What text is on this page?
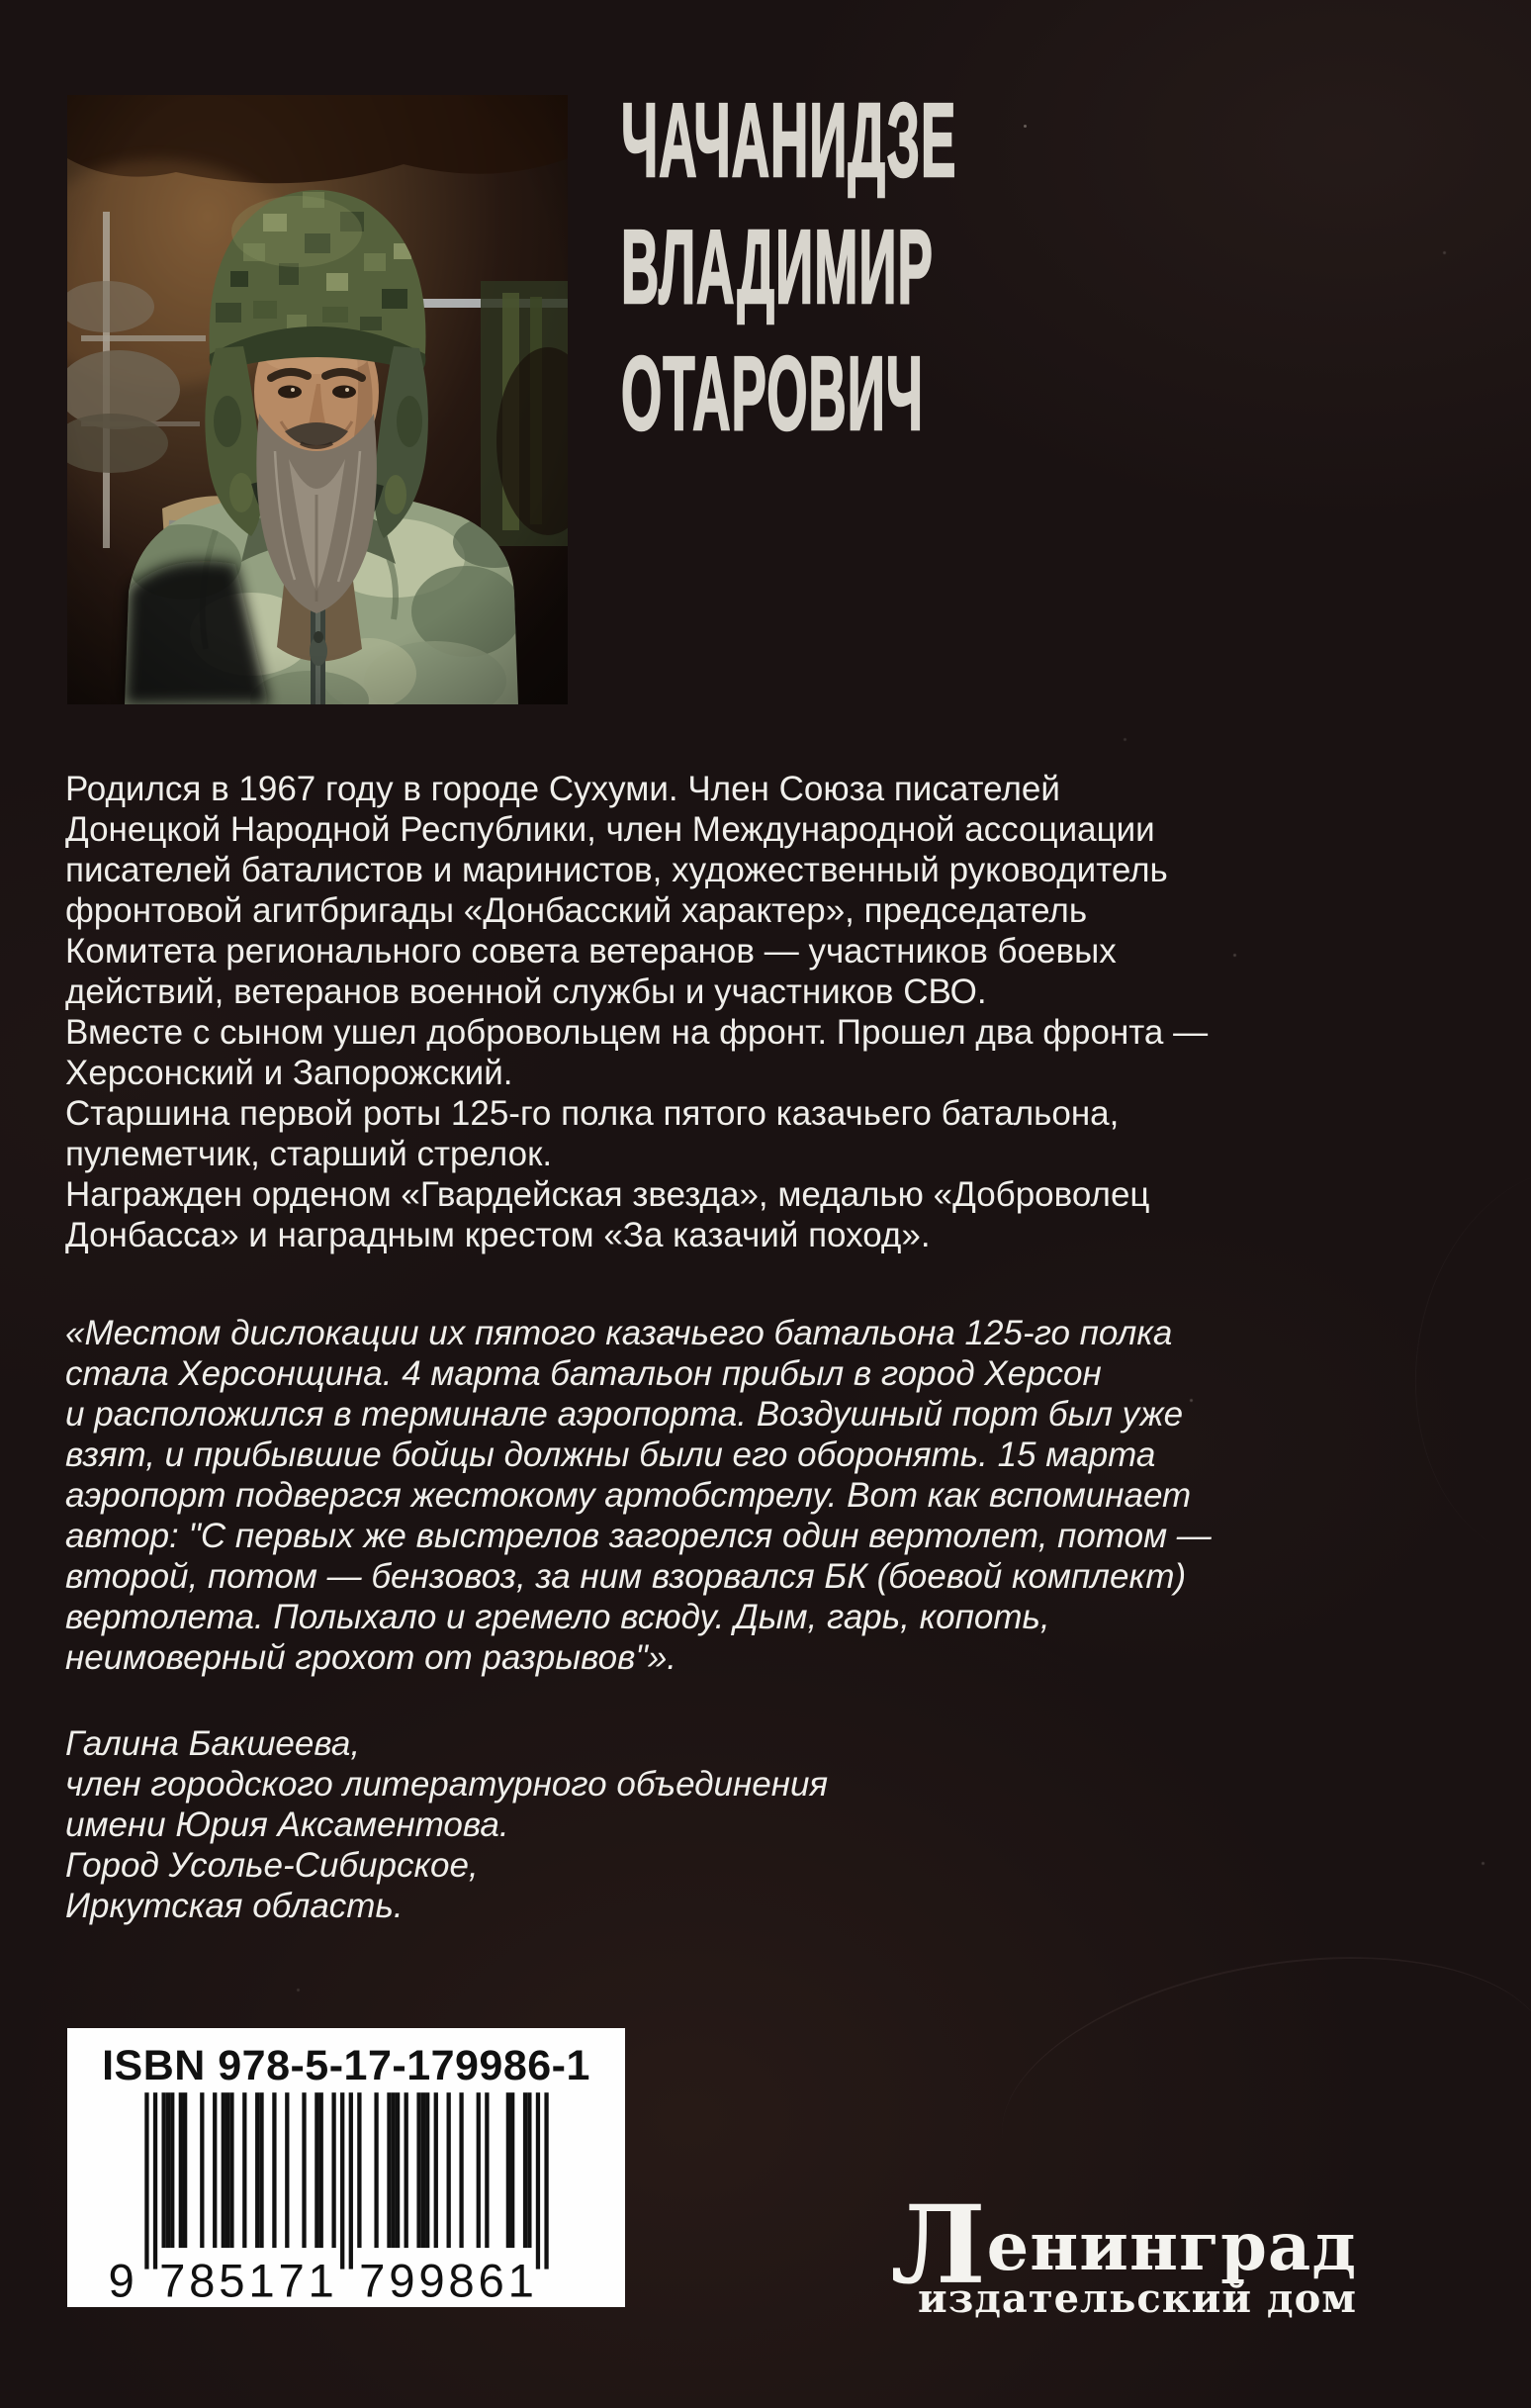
ЧАЧАНИДЗЕ
ВЛАДИМИР
ОТАРОВИЧ
Родился в 1967 году в городе Сухуми. Член Союза писателей
Донецкой Народной Республики, член Международной ассоциации
писателей баталистов и маринистов, художественный руководитель
фронтовой агитбригады «Донбасский характер», председатель
Комитета регионального совета ветеранов — участников боевых
действий, ветеранов военной службы и участников СВО.
Вместе с сыном ушел добровольцем на фронт. Прошел два фронта —
Херсонский и Запорожский.
Старшина первой роты 125-го полка пятого казачьего батальона,
пулеметчик, старший стрелок.
Награжден орденом «Гвардейская звезда», медалью «Доброволец
Донбасса» и наградным крестом «За казачий поход».
«Местом дислокации их пятого казачьего батальона 125-го полка
стала Херсонщина. 4 марта батальон прибыл в город Херсон
и расположился в терминале аэропорта. Воздушный порт был уже
взят, и прибывшие бойцы должны были его оборонять. 15 марта
аэропорт подвергся жестокому артобстрелу. Вот как вспоминает
автор: "С первых же выстрелов загорелся один вертолет, потом —
второй, потом — бензовоз, за ним взорвался БК (боевой комплект)
вертолета. Полыхало и гремело всюду. Дым, гарь, копоть,
неимоверный грохот от разрывов"».
Галина Бакшеева,
член городского литературного объединения
имени Юрия Аксаментова.
Город Усолье-Сибирское,
Иркутская область.
ISBN 978-5-17-179986-1
9 7 8 5 1 7 1 7 9 9 8 6 1	Ленинград
издательский дом
